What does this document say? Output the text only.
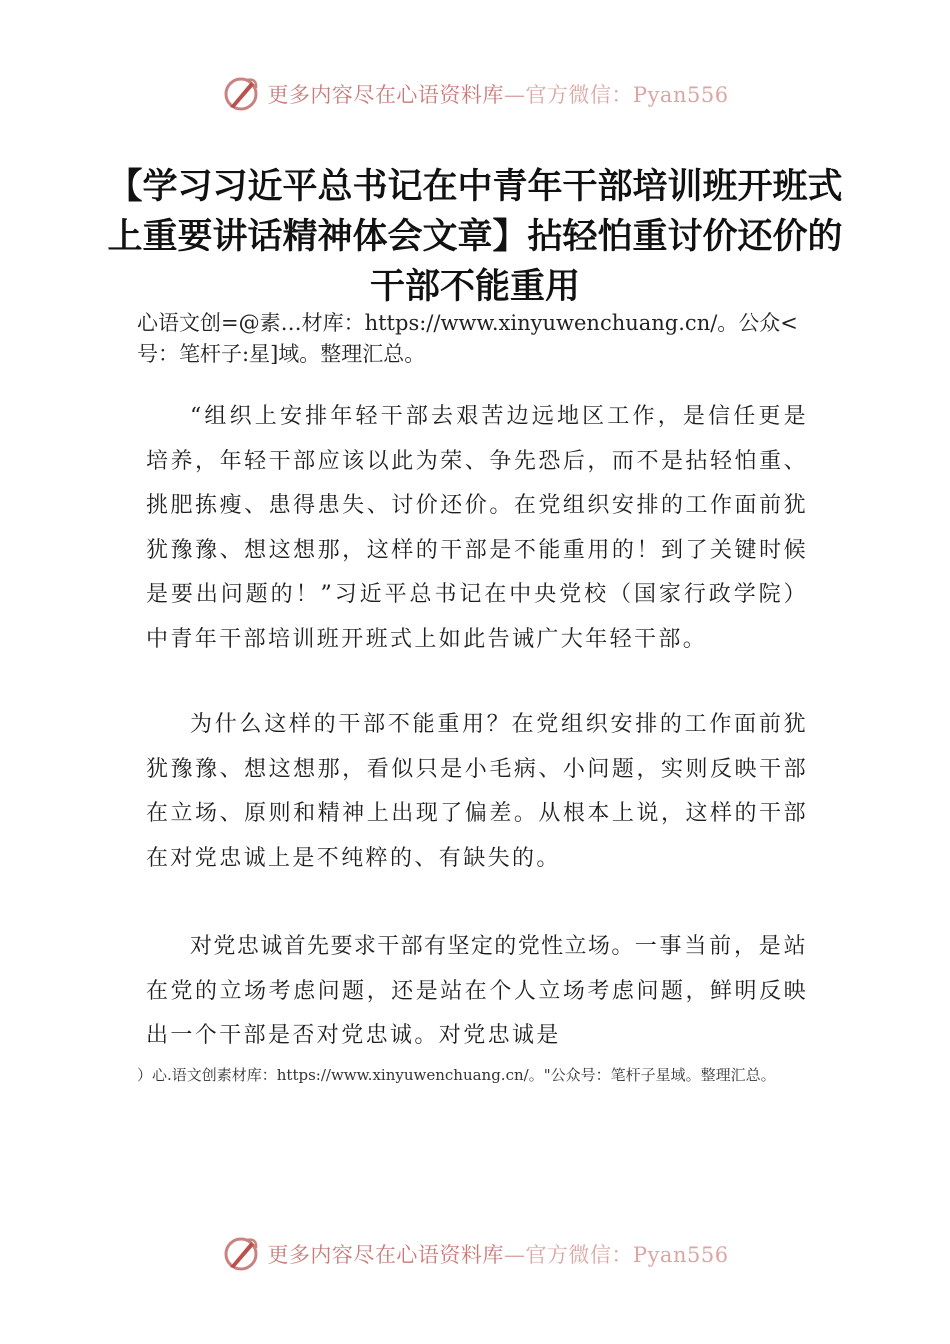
更多内容尽在心语资料库 —官方微信：Pyan556
【学习习近平总书记在中青年干部培训班开班式上重要讲话精神体会文章】拈轻怕重讨价还价的干部不能重用

心语文创=@素…材库：https://www.xinyuwenchuang.cn/。公众<号：笔杆子:星]域。整理汇总。

“组织上安排年轻干部去艰苦边远地区工作，是信任更是培养，年轻干部应该以此为荣、争先恐后，而不是拈轻怕重、挑肥拣瘦、患得患失、讨价还价。在党组织安排的工作面前犹犹豫豫、想这想那，这样的干部是不能重用的！到了关键时候是要出问题的！”习近平总书记在中央党校（国家行政学院）中青年干部培训班开班式上如此告诫广大年轻干部。

为什么这样的干部不能重用？在党组织安排的工作面前犹犹豫豫、想这想那，看似只是小毛病、小问题，实则反映干部在立场、原则和精神上出现了偏差。从根本上说，这样的干部在对党忠诚上是不纯粹的、有缺失的。

对党忠诚首先要求干部有坚定的党性立场。一事当前，是站在党的立场考虑问题，还是站在个人立场考虑问题，鲜明反映出一个干部是否对党忠诚。对党忠诚是

）心.语文创素材库：https://www.xinyuwenchuang.cn/。"公众号：笔杆子星域。整理汇总。

更多内容尽在心语资料库 —官方微信：Pyan556
